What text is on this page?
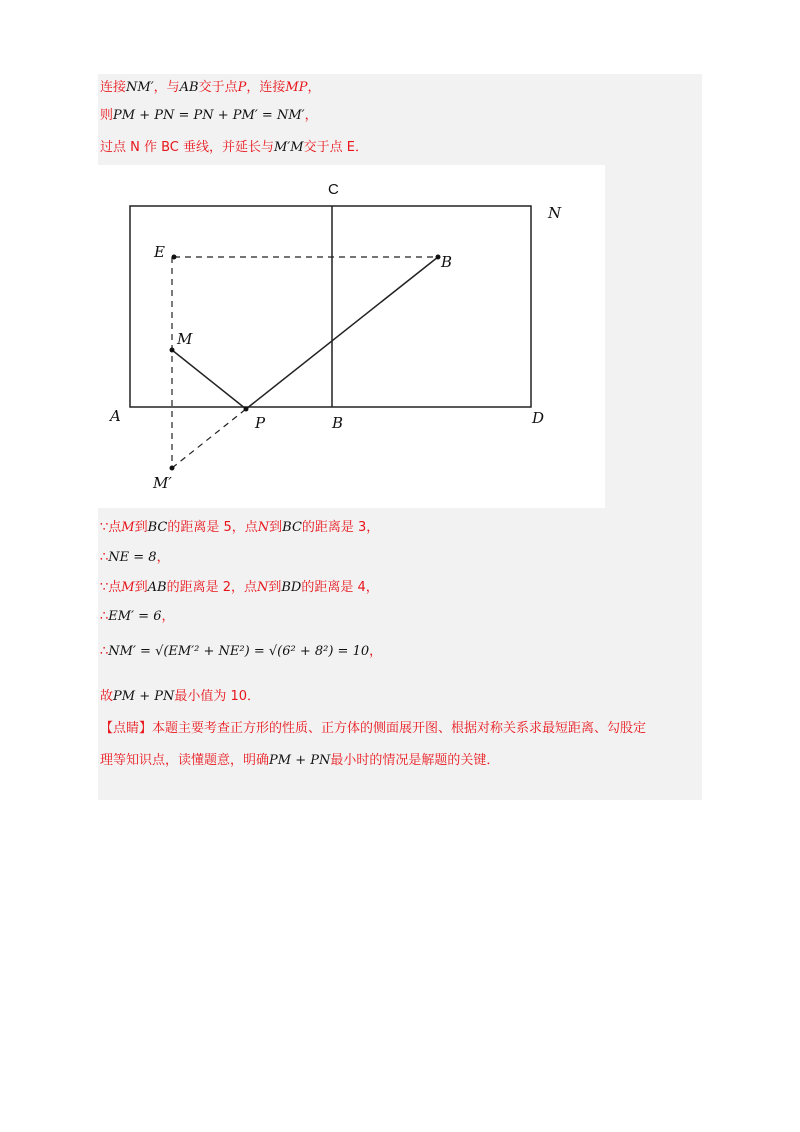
连接NM′，与AB交于点P，连接MP，
则PM + PN = PN + PM′ = NM′，
过点 N 作 BC 垂线，并延长与M′M交于点 E．
C
N
E
B
M
A	P	B	D
M′
∵点M到BC的距离是 5，点N到BC的距离是 3，
∴NE = 8，
∵点M到AB的距离是 2，点N到BD的距离是 4，
∴EM′ = 6，
∴NM′ = √(EM′² + NE²) = √(6² + 8²) = 10，
故PM + PN最小值为 10．
【点睛】本题主要考查正方形的性质、正方体的侧面展开图、根据对称关系求最短距离、勾股定
理等知识点，读懂题意，明确PM + PN最小时的情况是解题的关键．
